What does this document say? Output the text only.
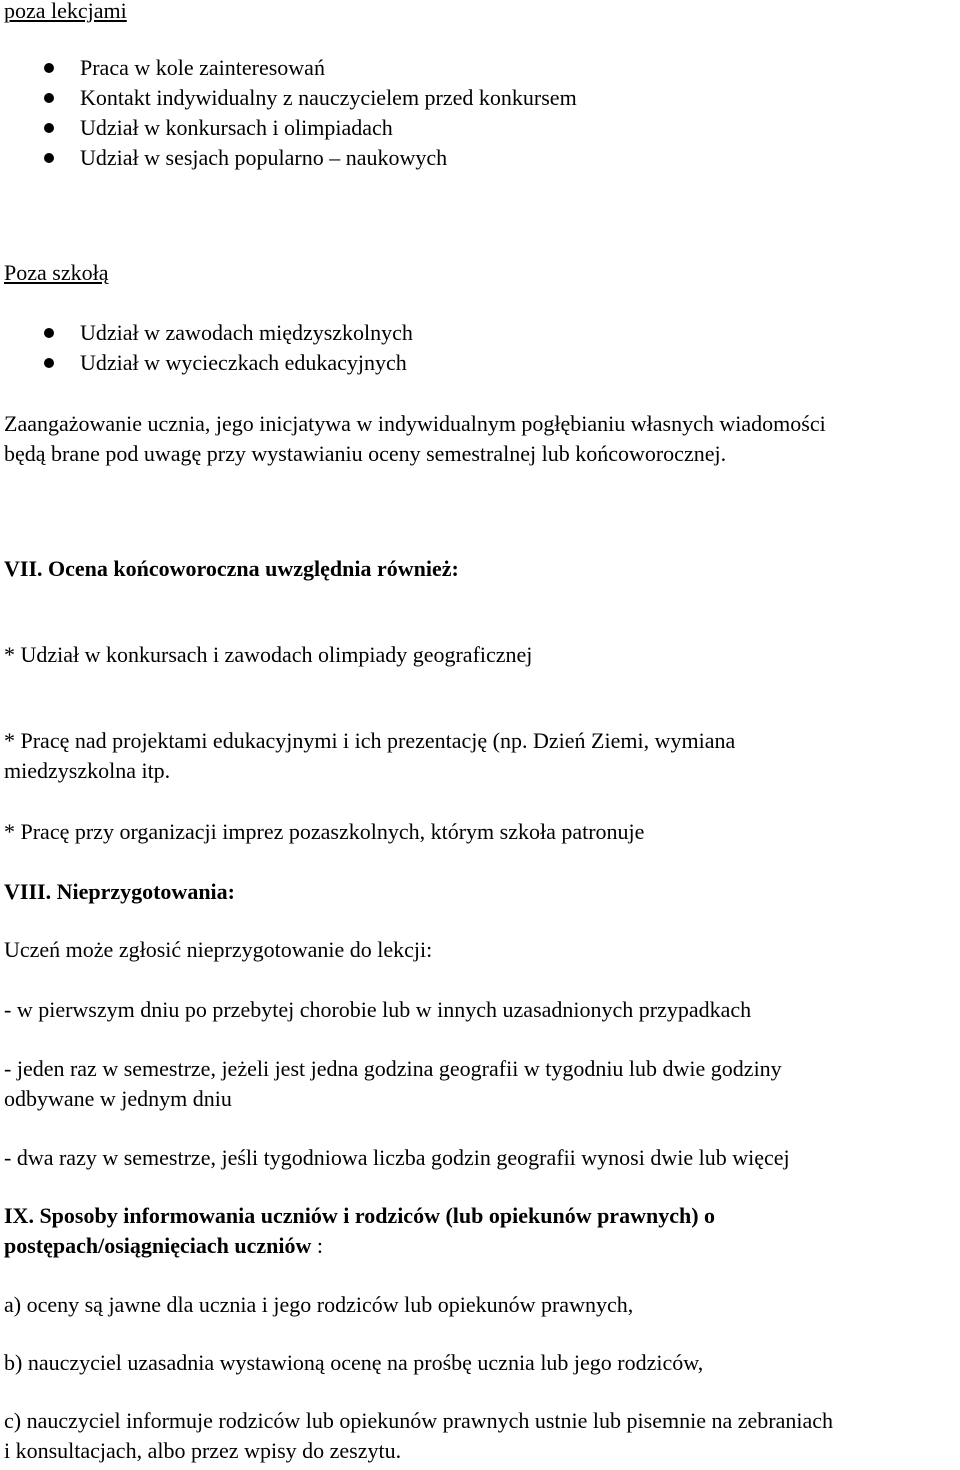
poza lekcjami
Praca w kole zainteresowań
Kontakt indywidualny z nauczycielem przed konkursem
Udział w konkursach i olimpiadach
Udział w sesjach popularno – naukowych
Poza szkołą
Udział w zawodach międzyszkolnych
Udział w wycieczkach edukacyjnych
Zaangażowanie ucznia, jego inicjatywa w indywidualnym pogłębianiu własnych wiadomości
będą brane pod uwagę przy wystawianiu oceny semestralnej lub końcoworocznej.
VII. Ocena końcoworoczna uwzględnia również:
* Udział w konkursach i zawodach olimpiady geograficznej
* Pracę nad projektami edukacyjnymi i ich prezentację (np. Dzień Ziemi, wymiana
miedzyszkolna itp.
* Pracę przy organizacji imprez pozaszkolnych, którym szkoła patronuje
VIII. Nieprzygotowania:
Uczeń może zgłosić nieprzygotowanie do lekcji:
- w pierwszym dniu po przebytej chorobie lub w innych uzasadnionych przypadkach
- jeden raz w semestrze, jeżeli jest jedna godzina geografii w tygodniu lub dwie godziny
odbywane w jednym dniu
- dwa razy w semestrze, jeśli tygodniowa liczba godzin geografii wynosi dwie lub więcej
IX. Sposoby informowania uczniów i rodziców (lub opiekunów prawnych) o
postępach/osiągnięciach uczniów :
a) oceny są jawne dla ucznia i jego rodziców lub opiekunów prawnych,
b) nauczyciel uzasadnia wystawioną ocenę na prośbę ucznia lub jego rodziców,
c) nauczyciel informuje rodziców lub opiekunów prawnych ustnie lub pisemnie na zebraniach
i konsultacjach, albo przez wpisy do zeszytu.
